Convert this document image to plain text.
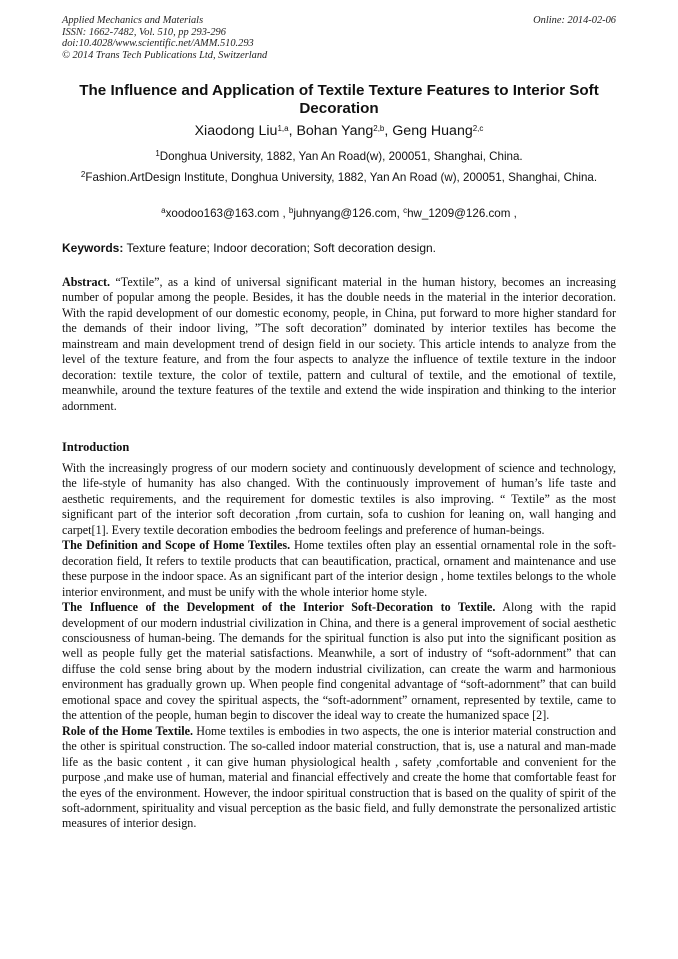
Applied Mechanics and Materials	Online: 2014-02-06
ISSN: 1662-7482, Vol. 510, pp 293-296
doi:10.4028/www.scientific.net/AMM.510.293
© 2014 Trans Tech Publications Ltd, Switzerland
The Influence and Application of Textile Texture Features to Interior Soft Decoration
Xiaodong Liu$^{1,a}$, Bohan Yang$^{2,b}$, Geng Huang$^{2,c}$
$^1$Donghua University, 1882, Yan An Road(w), 200051, Shanghai, China.
$^2$Fashion.ArtDesign Institute, Donghua University, 1882, Yan An Road (w), 200051, Shanghai, China.
$^a$xoodoo163@163.com , $^b$juhnyang@126.com, $^c$hw_1209@126.com ,
Keywords: Texture feature; Indoor decoration; Soft decoration design.

Abstract. “Textile”, as a kind of universal significant material in the human history, becomes an increasing number of popular among the people. Besides, it has the double needs in the material in the interior decoration. With the rapid development of our domestic economy, people, in China, put forward to more higher standard for the demands of their indoor living, ”The soft decoration” dominated by interior textiles has become the mainstream and main development trend of design field in our society. This article intends to analyze from the level of the texture feature, and from the four aspects to analyze the influence of textile texture in the indoor decoration: textile texture, the color of textile, pattern and cultural of textile, and the emotional of textile, meanwhile, around the texture features of the textile and extend the wide inspiration and thinking to the interior adornment.

Introduction

With the increasingly progress of our modern society and continuously development of science and technology, the life-style of humanity has also changed. With the continuously improvement of human’s life taste and aesthetic requirements, and the requirement for domestic textiles is also improving. “ Textile” as the most significant part of the interior soft decoration ,from curtain, sofa to cushion for leaning on, wall hanging and carpet[1]. Every textile decoration embodies the bedroom feelings and preference of human-beings.

The Definition and Scope of Home Textiles. Home textiles often play an essential ornamental role in the soft-decoration field, It refers to textile products that can beautification, practical, ornament and maintenance and use these purpose in the indoor space. As an significant part of the interior design , home textiles belongs to the whole interior environment, and must be unify with the whole interior home style.

The Influence of the Development of the Interior Soft-Decoration to Textile. Along with the rapid development of our modern industrial civilization in China, and there is a general improvement of social aesthetic consciousness of human-being. The demands for the spiritual function is also put into the significant position as well as people fully get the material satisfactions. Meanwhile, a sort of industry of “soft-adornment” that can diffuse the cold sense bring about by the modern industrial civilization, can create the warm and harmonious environment has gradually grown up. When people find congenital advantage of “soft-adornment” that can build emotional space and covey the spiritual aspects, the “soft-adornment” ornament, represented by textile, came to the attention of the people, human begin to discover the ideal way to create the humanized space [2].

Role of the Home Textile. Home textiles is embodies in two aspects, the one is interior material construction and the other is spiritual construction. The so-called indoor material construction, that is, use a natural and man-made life as the basic content , it can give human physiological health , safety ,comfortable and convenient for the purpose ,and make use of human, material and financial effectively and create the home that comfortable feast for the eyes of the environment. However, the indoor spiritual construction that is based on the quality of spirit of the soft-adornment, spirituality and visual perception as the basic field, and fully demonstrate the personalized artistic measures of interior design.
